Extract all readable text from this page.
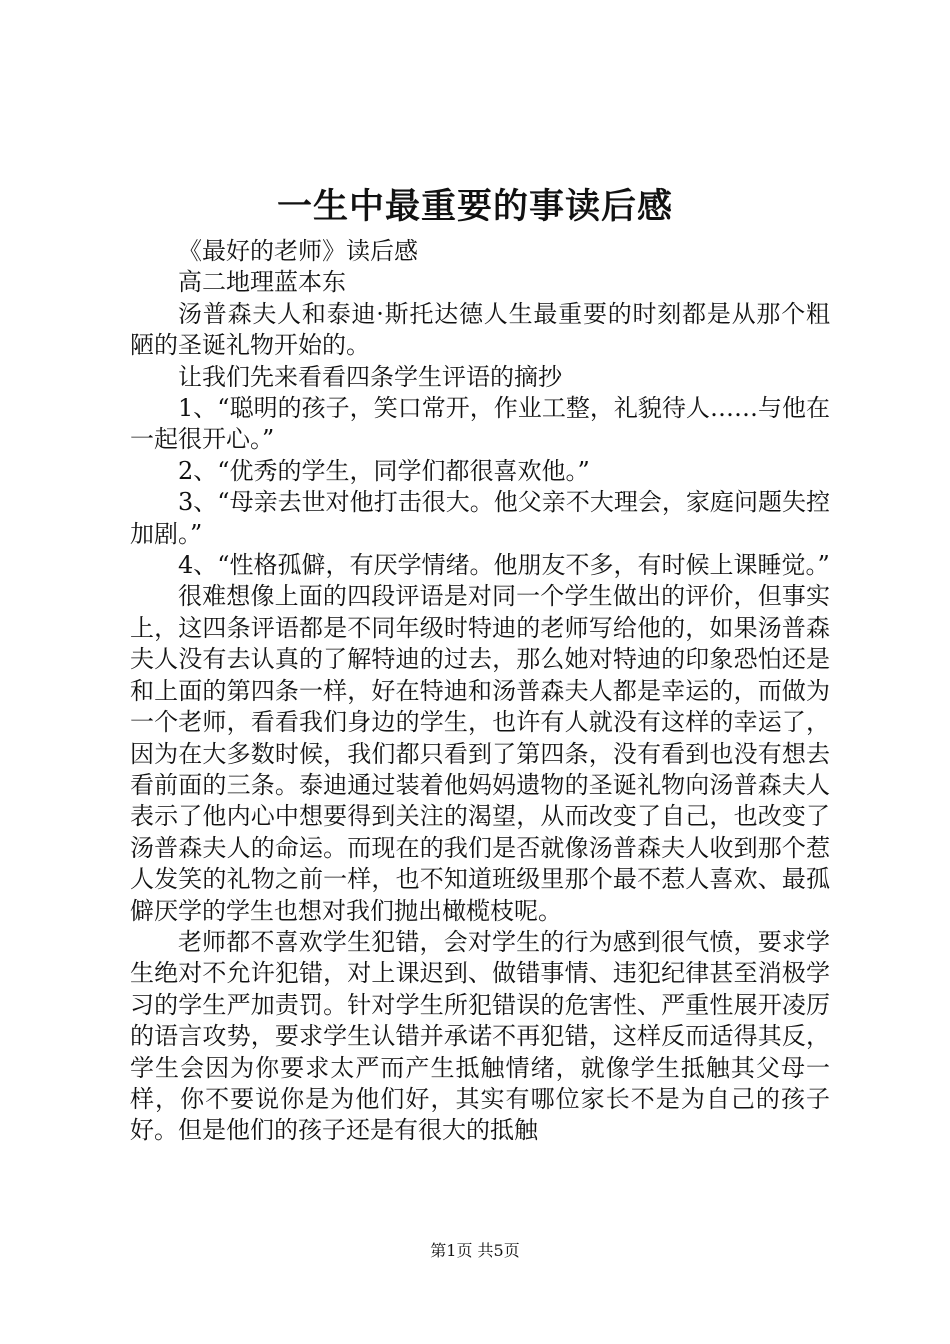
一生中最重要的事读后感

《最好的老师》读后感

高二地理蓝本东

汤普森夫人和泰迪·斯托达德人生最重要的时刻都是从那个粗陋的圣诞礼物开始的。

让我们先来看看四条学生评语的摘抄

1、“聪明的孩子，笑口常开，作业工整，礼貌待人……与他在一起很开心。”

2、“优秀的学生，同学们都很喜欢他。”

3、“母亲去世对他打击很大。他父亲不大理会，家庭问题失控加剧。”

4、“性格孤僻，有厌学情绪。他朋友不多，有时候上课睡觉。”

很难想像上面的四段评语是对同一个学生做出的评价，但事实上，这四条评语都是不同年级时特迪的老师写给他的，如果汤普森夫人没有去认真的了解特迪的过去，那么她对特迪的印象恐怕还是和上面的第四条一样，好在特迪和汤普森夫人都是幸运的，而做为一个老师，看看我们身边的学生，也许有人就没有这样的幸运了，因为在大多数时候，我们都只看到了第四条，没有看到也没有想去看前面的三条。泰迪通过装着他妈妈遗物的圣诞礼物向汤普森夫人表示了他内心中想要得到关注的渴望，从而改变了自己，也改变了汤普森夫人的命运。而现在的我们是否就像汤普森夫人收到那个惹人发笑的礼物之前一样，也不知道班级里那个最不惹人喜欢、最孤僻厌学的学生也想对我们抛出橄榄枝呢。

老师都不喜欢学生犯错，会对学生的行为感到很气愤，要求学生绝对不允许犯错，对上课迟到、做错事情、违犯纪律甚至消极学习的学生严加责罚。针对学生所犯错误的危害性、严重性展开凌厉的语言攻势，要求学生认错并承诺不再犯错，这样反而适得其反，学生会因为你要求太严而产生抵触情绪，就像学生抵触其父母一样，你不要说你是为他们好，其实有哪位家长不是为自己的孩子好。但是他们的孩子还是有很大的抵触

第1页 共5页
